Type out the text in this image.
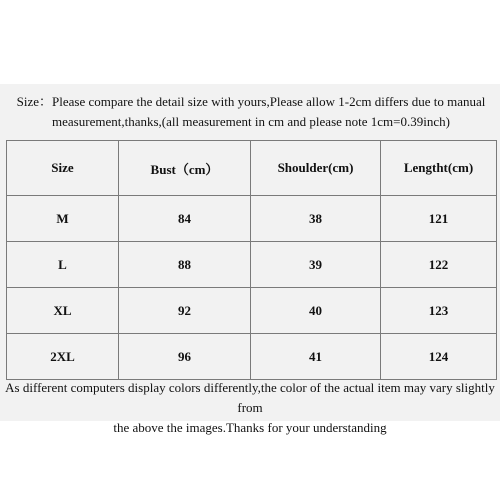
Size：Please compare the detail size with yours,Please allow 1-2cm differs due to manual
measurement,thanks,(all measurement in cm and please note 1cm=0.39inch)
Size	Bust（cm）	Shoulder(cm)	Lengtht(cm)
M	84	38	121
L	88	39	122
XL	92	40	123
2XL	96	41	124
As different computers display colors differently,the color of the actual item may vary slightly from
the above the images.Thanks for your understanding
